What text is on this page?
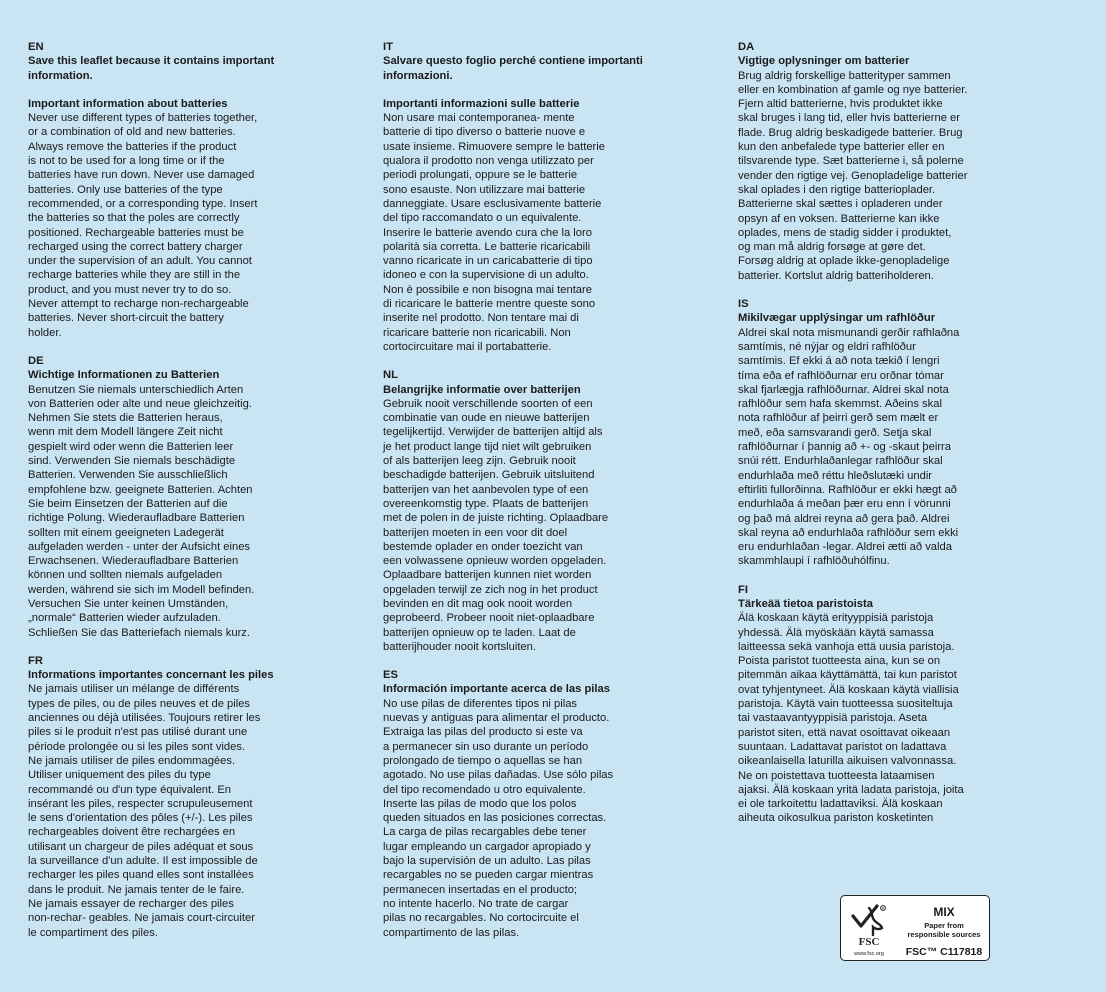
EN
Save this leaflet because it contains important information.
Important information about batteries

Never use different types of batteries together,

or a combination of old and new batteries.

Always remove the batteries if the product

is not to be used for a long time or if the

batteries have run down. Never use damaged

batteries. Only use batteries of the type

recommended, or a corresponding type. Insert

the batteries so that the poles are correctly

positioned. Rechargeable batteries must be

recharged using the correct battery charger

under the supervision of an adult. You cannot

recharge batteries while they are still in the

product, and you must never try to do so.

Never attempt to recharge non-rechargeable

batteries. Never short-circuit the battery

holder.

DE
Wichtige Informationen zu Batterien

Benutzen Sie niemals unterschiedlich Arten

von Batterien oder alte und neue gleichzeitig.

Nehmen Sie stets die Batterien heraus,

wenn mit dem Modell längere Zeit nicht

gespielt wird oder wenn die Batterien leer

sind. Verwenden Sie niemals beschädigte

Batterien. Verwenden Sie ausschließlich

empfohlene bzw. geeignete Batterien. Achten

Sie beim Einsetzen der Batterien auf die

richtige Polung. Wiederaufladbare Batterien

sollten mit einem geeigneten Ladegerät

aufgeladen werden - unter der Aufsicht eines

Erwachsenen. Wiederaufladbare Batterien

können und sollten niemals aufgeladen

werden, während sie sich im Modell befinden.

Versuchen Sie unter keinen Umständen,

„normale“ Batterien wieder aufzuladen.

Schließen Sie das Batteriefach niemals kurz.

FR
Informations importantes concernant les piles

Ne jamais utiliser un mélange de différents

types de piles, ou de piles neuves et de piles

anciennes ou déjà utilisées. Toujours retirer les

piles si le produit n'est pas utilisé durant une

période prolongée ou si les piles sont vides.

Ne jamais utiliser de piles endommagées.

Utiliser uniquement des piles du type

recommandé ou d'un type équivalent. En

insérant les piles, respecter scrupuleusement

le sens d'orientation des pôles (+/-). Les piles

rechargeables doivent être rechargées en

utilisant un chargeur de piles adéquat et sous

la surveillance d'un adulte. Il est impossible de

recharger les piles quand elles sont installées

dans le produit. Ne jamais tenter de le faire.

Ne jamais essayer de recharger des piles

non-rechar- geables. Ne jamais court-circuiter

le compartiment des piles.

IT
Salvare questo foglio perché contiene importanti informazioni.
Importanti informazioni sulle batterie

Non usare mai contemporanea- mente

batterie di tipo diverso o batterie nuove e

usate insieme. Rimuovere sempre le batterie

qualora il prodotto non venga utilizzato per

periodi prolungati, oppure se le batterie

sono esauste. Non utilizzare mai batterie

danneggiate. Usare esclusivamente batterie

del tipo raccomandato o un equivalente.

Inserire le batterie avendo cura che la loro

polarità sia corretta. Le batterie ricaricabili

vanno ricaricate in un caricabatterie di tipo

idoneo e con la supervisione di un adulto.

Non è possibile e non bisogna mai tentare

di ricaricare le batterie mentre queste sono

inserite nel prodotto. Non tentare mai di

ricaricare batterie non ricaricabili. Non

cortocircuitare mai il portabatterie.

NL
Belangrijke informatie over batterijen

Gebruik nooit verschillende soorten of een

combinatie van oude en nieuwe batterijen

tegelijkertijd. Verwijder de batterijen altijd als

je het product lange tijd niet wilt gebruiken

of als batterijen leeg zijn. Gebruik nooit

beschadigde batterijen. Gebruik uitsluitend

batterijen van het aanbevolen type of een

overeenkomstig type. Plaats de batterijen

met de polen in de juiste richting. Oplaadbare

batterijen moeten in een voor dit doel

bestemde oplader en onder toezicht van

een volwassene opnieuw worden opgeladen.

Oplaadbare batterijen kunnen niet worden

opgeladen terwijl ze zich nog in het product

bevinden en dit mag ook nooit worden

geprobeerd. Probeer nooit niet-oplaadbare

batterijen opnieuw op te laden. Laat de

batterijhouder nooit kortsluiten.

ES
Información importante acerca de las pilas

No use pilas de diferentes tipos ni pilas

nuevas y antiguas para alimentar el producto.

Extraiga las pilas del producto si este va

a permanecer sin uso durante un período

prolongado de tiempo o aquellas se han

agotado. No use pilas dañadas. Use sólo pilas

del tipo recomendado u otro equivalente.

Inserte las pilas de modo que los polos

queden situados en las posiciones correctas.

La carga de pilas recargables debe tener

lugar empleando un cargador apropiado y

bajo la supervisión de un adulto. Las pilas

recargables no se pueden cargar mientras

permanecen insertadas en el producto;

no intente hacerlo. No trate de cargar

pilas no recargables. No cortocircuite el

compartimento de las pilas.

DA
Vigtige oplysninger om batterier

Brug aldrig forskellige batterityper sammen

eller en kombination af gamle og nye batterier.

Fjern altid batterierne, hvis produktet ikke

skal bruges i lang tid, eller hvis batterierne er

flade. Brug aldrig beskadigede batterier. Brug

kun den anbefalede type batterier eller en

tilsvarende type. Sæt batterierne i, så polerne

vender den rigtige vej. Genopladelige batterier

skal oplades i den rigtige batterioplader.

Batterierne skal sættes i opladeren under

opsyn af en voksen. Batterierne kan ikke

oplades, mens de stadig sidder i produktet,

og man må aldrig forsøge at gøre det.

Forsøg aldrig at oplade ikke-genopladelige

batterier. Kortslut aldrig batteriholderen.

IS
Mikilvægar upplýsingar um rafhlöður

Aldrei skal nota mismunandi gerðir rafhlaðna

samtímis, né nýjar og eldri rafhlöður

samtímis. Ef ekki á að nota tækið í lengri

tíma eða ef rafhlöðurnar eru orðnar tómar

skal fjarlægja rafhlöðurnar. Aldrei skal nota

rafhlöður sem hafa skemmst. Aðeins skal

nota rafhlöður af þeirri gerð sem mælt er

með, eða samsvarandi gerð. Setja skal

rafhlöðurnar í þannig að +- og -skaut þeirra

snúi rétt. Endurhlaðanlegar rafhlöður skal

endurhlaða með réttu hleðslutæki undir

eftirliti fullorðinna. Rafhlöður er ekki hægt að

endurhlaða á meðan þær eru enn í vörunni

og það má aldrei reyna að gera það. Aldrei

skal reyna að endurhlaða rafhlöður sem ekki

eru endurhlaðan -legar. Aldrei ætti að valda

skammhlaupi í rafhlöðuhólfinu.

FI
Tärkeää tietoa paristoista

Älä koskaan käytä erityyppisiä paristoja

yhdessä. Älä myöskään käytä samassa

laitteessa sekä vanhoja että uusia paristoja.

Poista paristot tuotteesta aina, kun se on

pitemmän aikaa käyttämättä, tai kun paristot

ovat tyhjentyneet. Älä koskaan käytä viallisia

paristoja. Käytä vain tuotteessa suositeltuja

tai vastaavantyyppisiä paristoja. Aseta

paristot siten, että navat osoittavat oikeaan

suuntaan. Ladattavat paristot on ladattava

oikeanlaisella laturilla aikuisen valvonnassa.

Ne on poistettava tuotteesta lataamisen

ajaksi. Älä koskaan yritä ladata paristoja, joita

ei ole tarkoitettu ladattaviksi. Älä koskaan

aiheuta oikosulkua pariston kosketinten

R
FSC
www.fsc.org
MIX
Paper from
responsible sources
FSC™ C117818
